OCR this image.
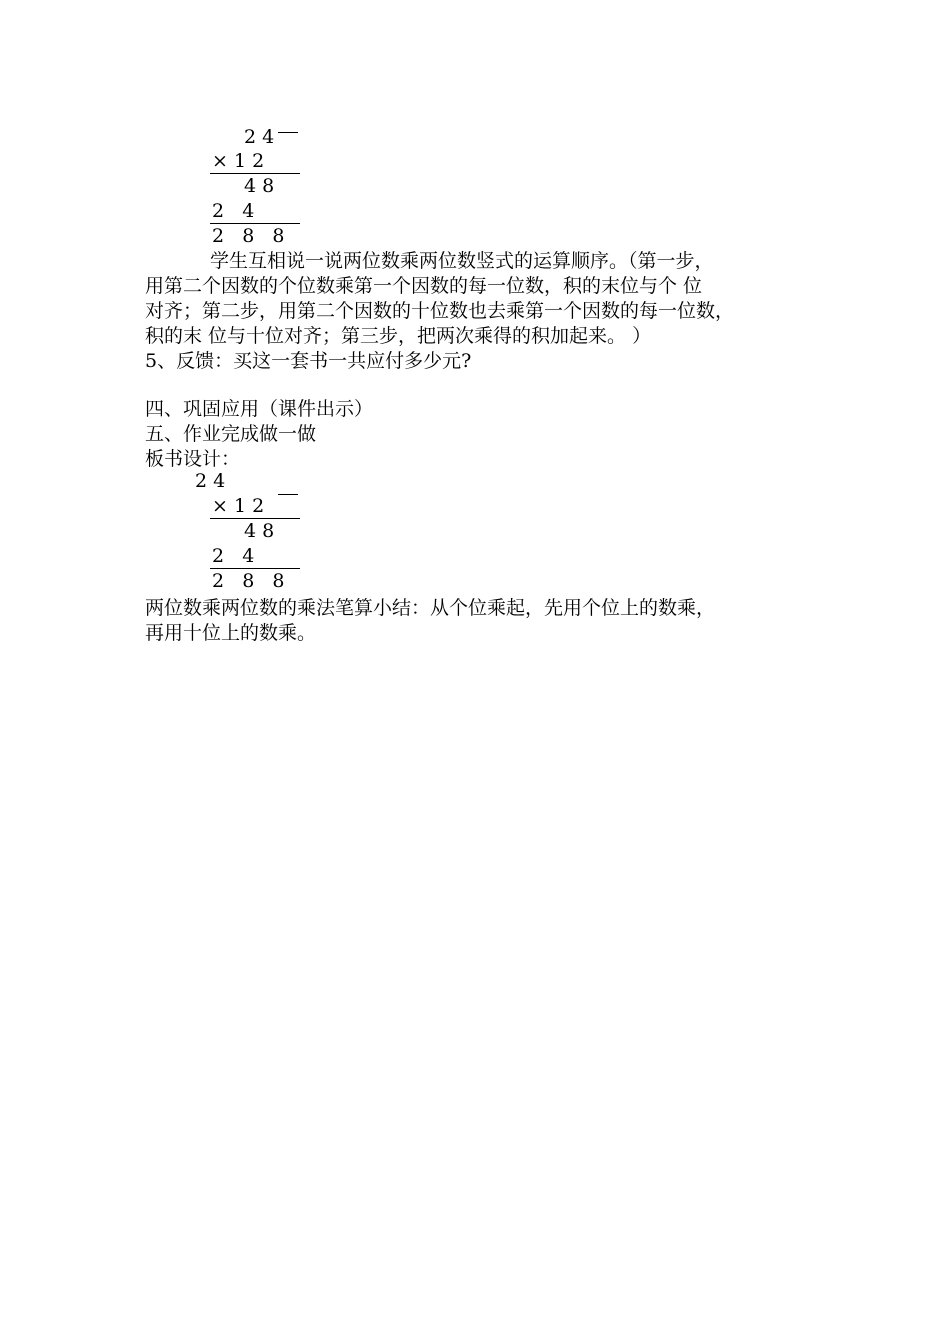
2 4
× 1 2
4 8
2   4
2   8   8
学生互相说一说两位数乘两位数竖式的运算顺序。（第一步，
用第二个因数的个位数乘第一个因数的每一位数，积的末位与个 位
对齐；第二步，用第二个因数的十位数也去乘第一个因数的每一位数，
积的末 位与十位对齐；第三步，把两次乘得的积加起来。 ）
5、反馈：买这一套书一共应付多少元?
四、巩固应用（课件出示）
五、作业完成做一做
板书设计：
2 4
× 1 2
4 8
2   4
2   8   8
两位数乘两位数的乘法笔算小结：从个位乘起，先用个位上的数乘，
再用十位上的数乘。
